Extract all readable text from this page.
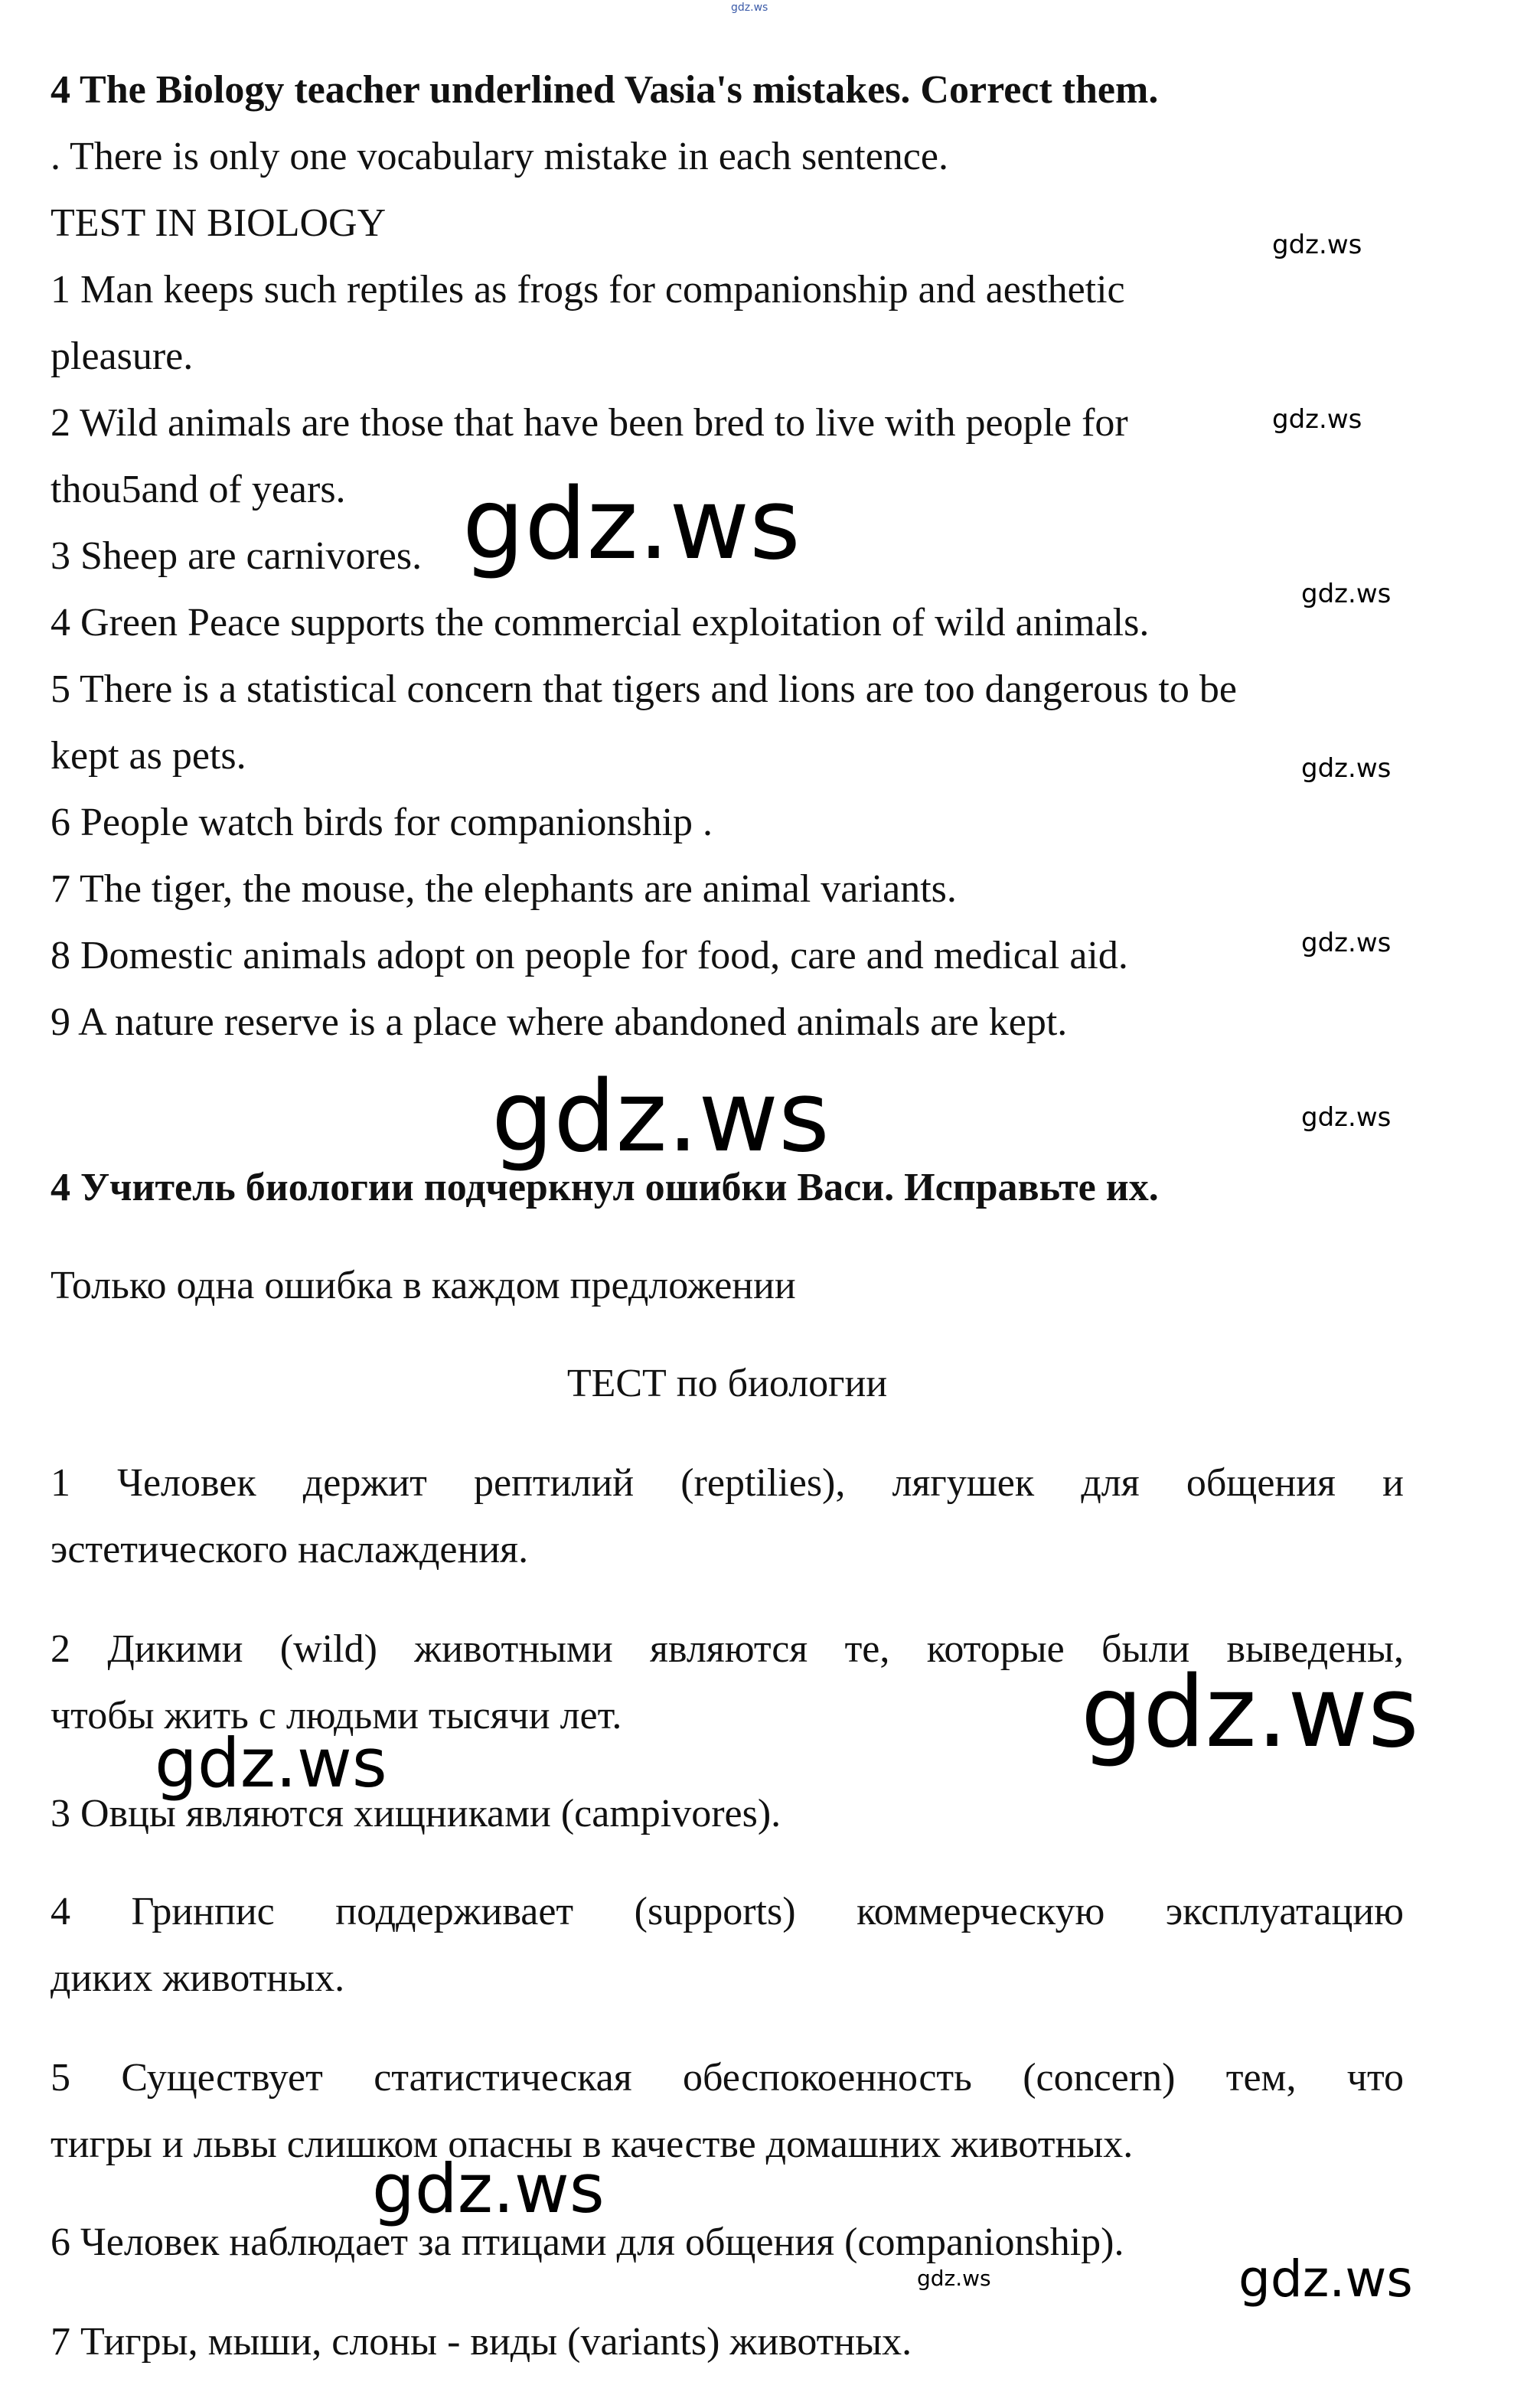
gdz.ws
4 The Biology teacher underlined Vasia's mistakes. Correct them.
. There is only one vocabulary mistake in each sentence.
TEST IN BIOLOGY
1 Man keeps such reptiles as frogs for companionship and aesthetic
pleasure.
2 Wild animals are those that have been bred to live with people for
thou5and of years.
3 Sheep are carnivores.
4 Green Peace supports the commercial exploitation of wild animals.
5 There is a statistical concern that tigers and lions are too dangerous to be
kept as pets.
6 People watch birds for companionship .
7 The tiger, the mouse, the elephants are animal variants.
8 Domestic animals adopt on people for food, care and medical aid.
9 A nature reserve is a place where abandoned animals are kept.
4 Учитель биологии подчеркнул ошибки Васи. Исправьте их.
Только одна ошибка в каждом предложении
ТЕСТ по биологии
1 Человек держит рептилий (reptilies), лягушек для общения и
эстетического наслаждения.
2 Дикими (wild) животными являются те, которые были выведены,
чтобы жить с людьми тысячи лет.
3 Овцы являются хищниками (campivores).
4 Гринпис поддерживает (supports) коммерческую эксплуатацию
диких животных.
5 Существует статистическая обеспокоенность (concern) тем, что
тигры и львы слишком опасны в качестве домашних животных.
6 Человек наблюдает за птицами для общения (companionship).
7 Тигры, мыши, слоны - виды (variants) животных.
gdz.ws
gdz.ws
gdz.ws
gdz.ws
gdz.ws
gdz.ws
gdz.ws
gdz.ws
gdz.ws
gdz.ws
gdz.ws
gdz.ws
gdz.ws
